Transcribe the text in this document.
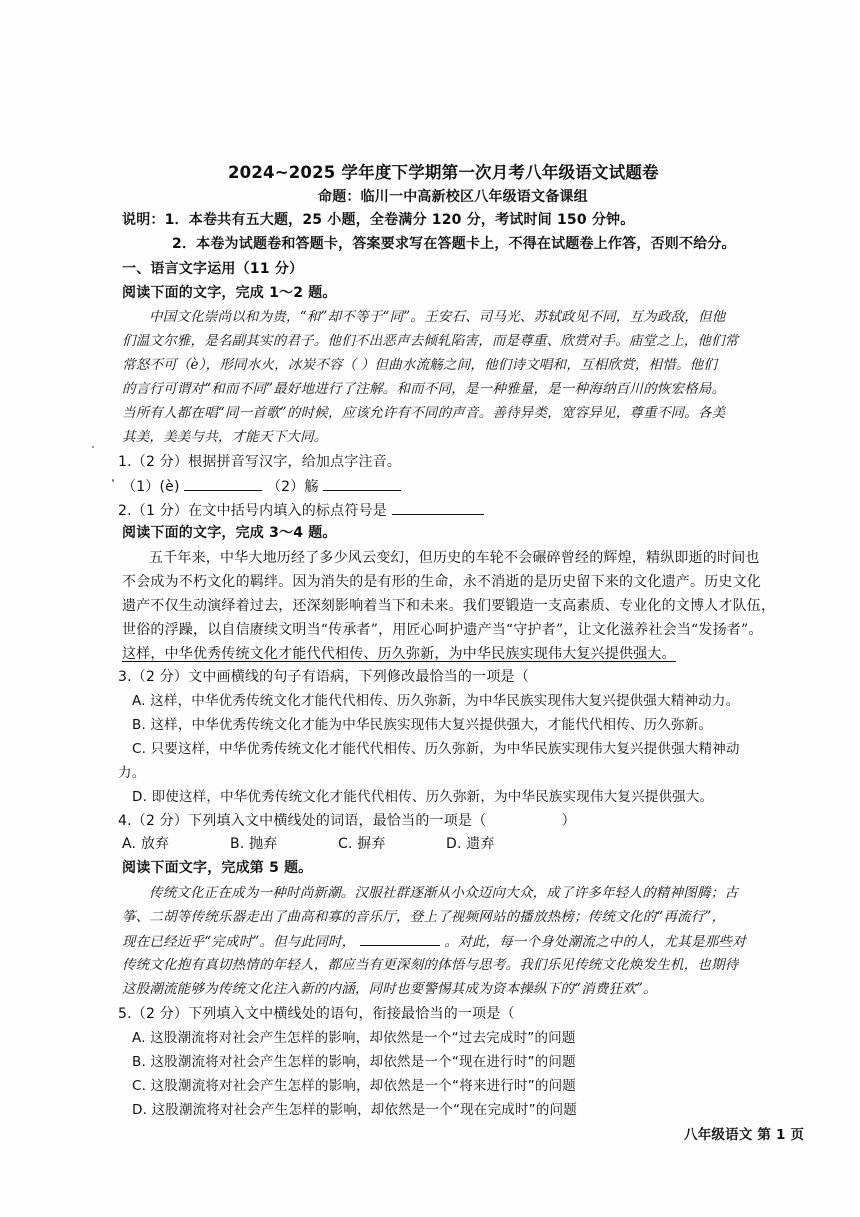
2024~2025 学年度下学期第一次月考八年级语文试题卷
命题：临川一中高新校区八年级语文备课组
说明：1．本卷共有五大题，25 小题，全卷满分 120 分，考试时间 150 分钟。
2．本卷为试题卷和答题卡，答案要求写在答题卡上，不得在试题卷上作答，否则不给分。
一、语言文字运用（11 分）
阅读下面的文字，完成 1～2 题。
中国文化崇尚以和为贵，“和”却不等于“同”。王安石、司马光、苏轼政见不同，互为政敌，但他
们温文尔雅，是名副其实的君子。他们不出恶声去倾轧陷害，而是尊重、欣赏对手。庙堂之上，他们常
常怒不可（è），形同水火，冰炭不容（ ）但曲水流觞之间，他们诗文唱和，互相欣赏，相惜。他们
的言行可谓对“和而不同”最好地进行了注解。和而不同，是一种雅量，是一种海纳百川的恢宏格局。
当所有人都在唱“同一首歌”的时候，应该允许有不同的声音。善待异类，宽容异见，尊重不同。各美
其美，美美与共，才能天下大同。
1.（2 分）根据拼音写汉字，给加点字注音。
（1）(è)	（2）觞
2.（1 分）在文中括号内填入的标点符号是
阅读下面的文字，完成 3～4 题。
五千年来，中华大地历经了多少风云变幻，但历史的车轮不会碾碎曾经的辉煌，精纵即逝的时间也
不会成为不朽文化的羁绊。因为消失的是有形的生命，永不消逝的是历史留下来的文化遗产。历史文化
遗产不仅生动演绎着过去，还深刻影响着当下和未来。我们要锻造一支高素质、专业化的文博人才队伍，
世俗的浮躁，以自信赓续文明当“传承者”，用匠心呵护遗产当“守护者”，让文化滋养社会当“发扬者”。
这样，中华优秀传统文化才能代代相传、历久弥新，为中华民族实现伟大复兴提供强大。
3.（2 分）文中画横线的句子有语病，下列修改最恰当的一项是（
A. 这样，中华优秀传统文化才能代代相传、历久弥新，为中华民族实现伟大复兴提供强大精神动力。
B. 这样，中华优秀传统文化才能为中华民族实现伟大复兴提供强大，才能代代相传、历久弥新。
C. 只要这样，中华优秀传统文化才能代代相传、历久弥新，为中华民族实现伟大复兴提供强大精神动
力。
D. 即使这样，中华优秀传统文化才能代代相传、历久弥新，为中华民族实现伟大复兴提供强大。
4.（2 分）下列填入文中横线处的词语，最恰当的一项是（	）
A. 放弃	B. 抛弃	C. 摒弃	D. 遗弃
阅读下面文字，完成第 5 题。
传统文化正在成为一种时尚新潮。汉服社群逐渐从小众迈向大众，成了许多年轻人的精神图腾；古
筝、二胡等传统乐器走出了曲高和寡的音乐厅，登上了视频网站的播放热榜；传统文化的“再流行”，
现在已经近乎“完成时”。但与此同时，	。对此，每一个身处潮流之中的人，尤其是那些对
传统文化抱有真切热情的年轻人，都应当有更深刻的体悟与思考。我们乐见传统文化焕发生机，也期待
这股潮流能够为传统文化注入新的内涵，同时也要警惕其成为资本操纵下的“消费狂欢”。
5.（2 分）下列填入文中横线处的语句，衔接最恰当的一项是（
A. 这股潮流将对社会产生怎样的影响，却依然是一个“过去完成时”的问题
B. 这股潮流将对社会产生怎样的影响，却依然是一个“现在进行时”的问题
C. 这股潮流将对社会产生怎样的影响，却依然是一个“将来进行时”的问题
D. 这股潮流将对社会产生怎样的影响，却依然是一个“现在完成时”的问题
八年级语文 第 1 页
